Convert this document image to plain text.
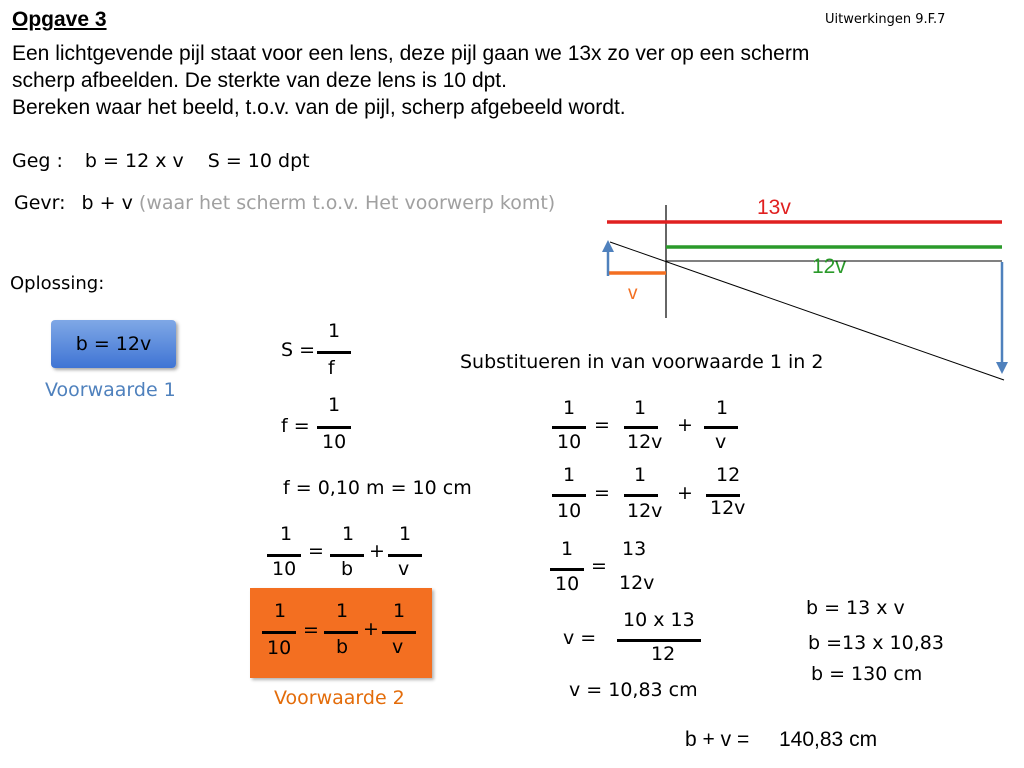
Opgave 3	Uitwerkingen 9.F.7
Een lichtgevende pijl staat voor een lens, deze pijl gaan we 13x zo ver op een scherm
scherp afbeelden. De sterkte van deze lens is 10 dpt.
Bereken waar het beeld, t.o.v. van de pijl, scherp afgebeeld wordt.
Geg : b = 12 x v S = 10 dpt
Gevr: b + v (waar het scherm t.o.v. Het voorwerp komt)
Oplossing:
b = 12v
Voorwaarde 1
S =
1
f
f =
1
10
f = 0,10 m = 10 cm
1
10
=
1
b
+
1
v
1
10
=
1
b
+
1
v
Voorwaarde 2
Substitueren in van voorwaarde 1 in 2
1
10
=
1
12v
+
1
v
1
10
=
1
12v
+
12
12v
1
10
=
13
12v
v =
10 x 13
12
v = 10,83 cm
b = 13 x v
b =13 x 10,83
b = 130 cm
b + v = 140,83 cm
13v
12v
v
